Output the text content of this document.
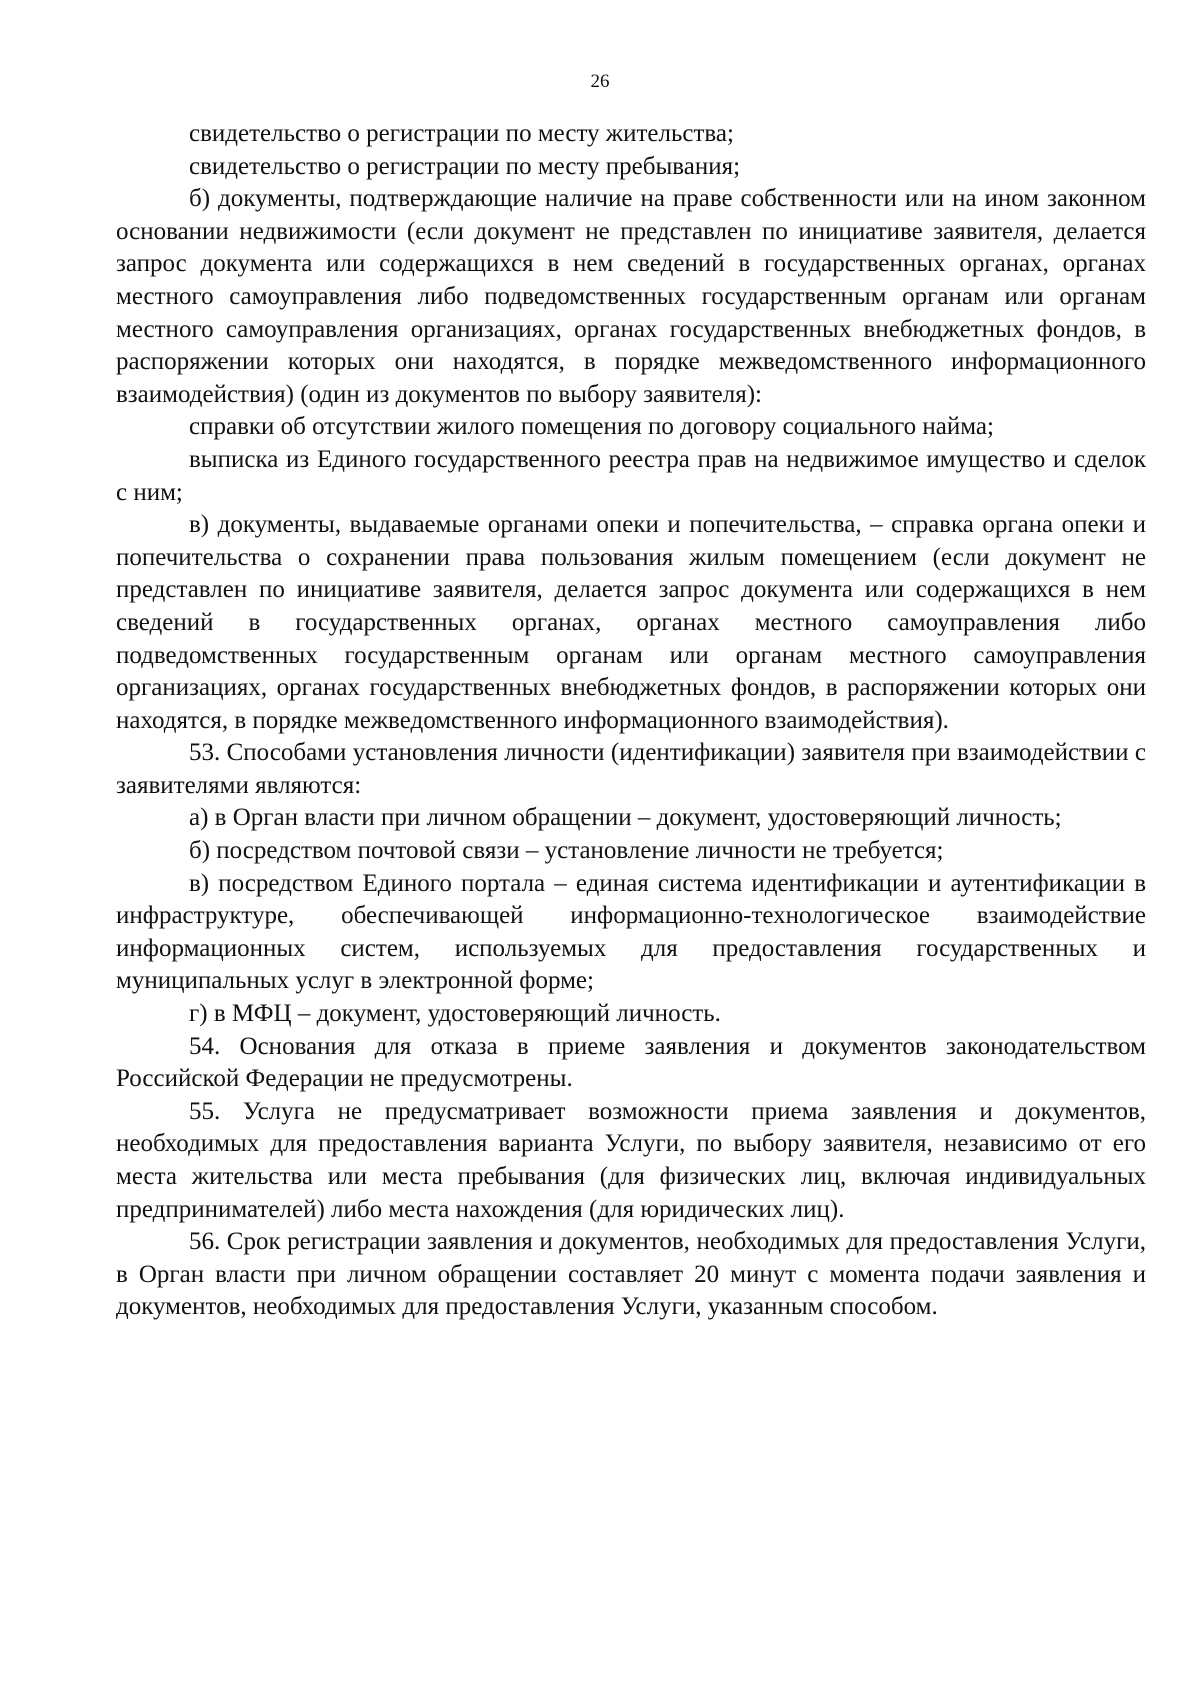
26

свидетельство о регистрации по месту жительства;

свидетельство о регистрации по месту пребывания;

б) документы, подтверждающие наличие на праве собственности или на ином законном основании недвижимости (если документ не представлен по инициативе заявителя, делается запрос документа или содержащихся в нем сведений в государственных органах, органах местного самоуправления либо подведомственных государственным органам или органам местного самоуправления организациях, органах государственных внебюджетных фондов, в распоряжении которых они находятся, в порядке межведомственного информационного взаимодействия) (один из документов по выбору заявителя):

справки об отсутствии жилого помещения по договору социального найма;

выписка из Единого государственного реестра прав на недвижимое имущество и сделок с ним;

в) документы, выдаваемые органами опеки и попечительства, – справка органа опеки и попечительства о сохранении права пользования жилым помещением (если документ не представлен по инициативе заявителя, делается запрос документа или содержащихся в нем сведений в государственных органах, органах местного самоуправления либо подведомственных государственным органам или органам местного самоуправления организациях, органах государственных внебюджетных фондов, в распоряжении которых они находятся, в порядке межведомственного информационного взаимодействия).

53. Способами установления личности (идентификации) заявителя при взаимодействии с заявителями являются:

а) в Орган власти при личном обращении – документ, удостоверяющий личность;

б) посредством почтовой связи – установление личности не требуется;

в) посредством Единого портала – единая система идентификации и аутентификации в инфраструктуре, обеспечивающей информационно-технологическое взаимодействие информационных систем, используемых для предоставления государственных и муниципальных услуг в электронной форме;

г) в МФЦ – документ, удостоверяющий личность.

54. Основания для отказа в приеме заявления и документов законодательством Российской Федерации не предусмотрены.

55. Услуга не предусматривает возможности приема заявления и документов, необходимых для предоставления варианта Услуги, по выбору заявителя, независимо от его места жительства или места пребывания (для физических лиц, включая индивидуальных предпринимателей) либо места нахождения (для юридических лиц).

56. Срок регистрации заявления и документов, необходимых для предоставления Услуги, в Орган власти при личном обращении составляет 20 минут с момента подачи заявления и документов, необходимых для предоставления Услуги, указанным способом.
